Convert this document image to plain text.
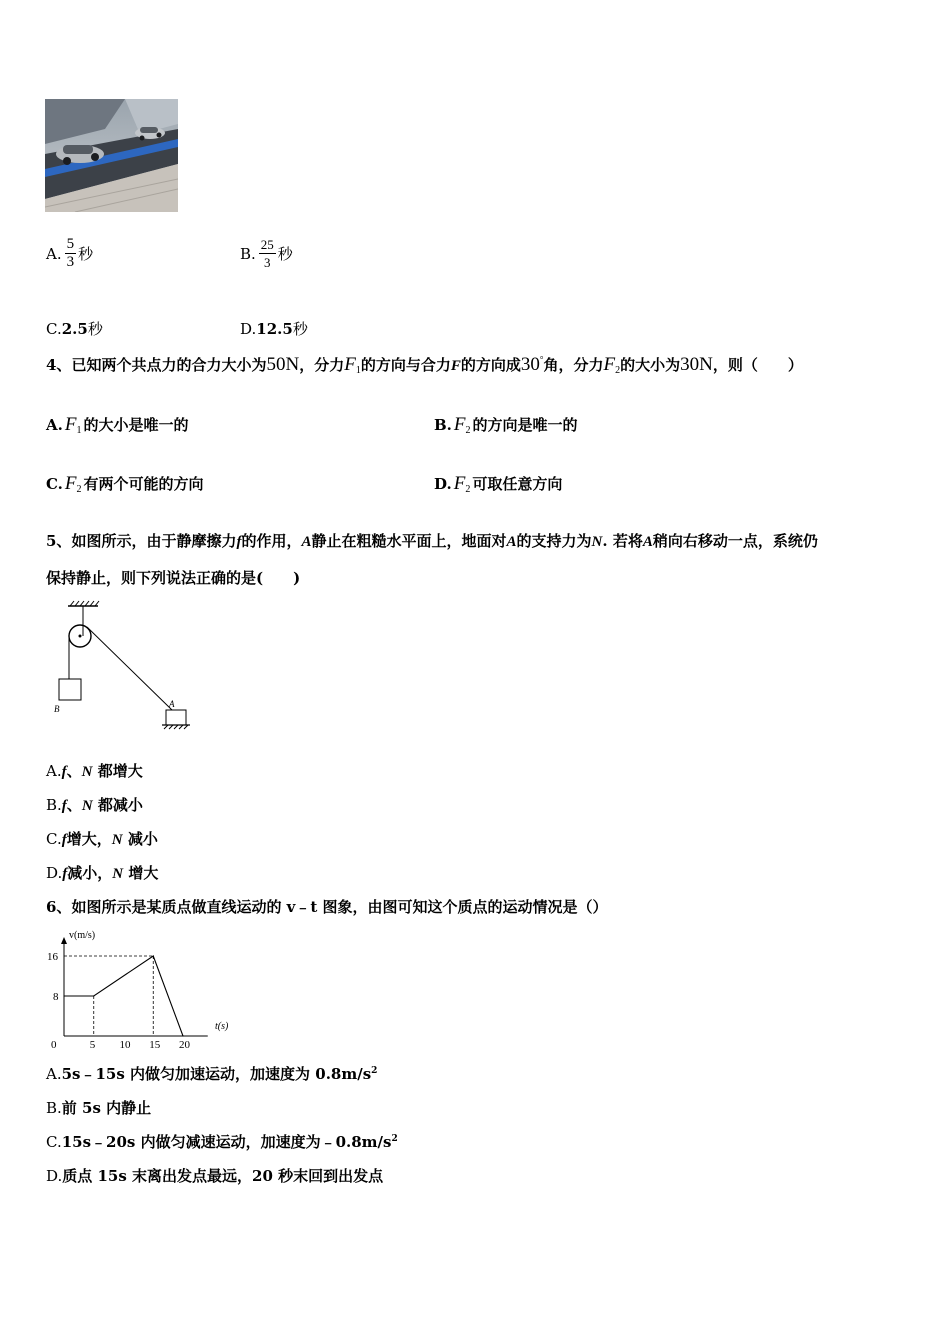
A. $\frac{5}{3}$ 秒	B. $\frac{25}{3}$ 秒
C.2.5秒	D.12.5秒
4、已知两个共点力的合力大小为50N，分力$F_1$的方向与合力F的方向成30°角，分力$F_2$的大小为30N，则（　　）
A. $F_1$ 的大小是唯一的	B. $F_2$ 的方向是唯一的
C. $F_2$ 有两个可能的方向	D. $F_2$ 可取任意方向
5、如图所示，由于静摩擦力f的作用，A静止在粗糙水平面上，地面对A的支持力为N. 若将A稍向右移动一点，系统仍
保持静止，则下列说法正确的是(　　)
B	A
A.f、N 都增大
B.f、N 都减小
C.f增大，N 减小
D.f减小，N 增大
6、如图所示是某质点做直线运动的 v﹣t 图象，由图可知这个质点的运动情况是（）
0	5 10 15 20
8
16
v(m/s)
t(s)
A.5s﹣15s 内做匀加速运动，加速度为 $0.8m/s^2$
B.前 5s 内静止
C.15s﹣20s 内做匀减速运动，加速度为$﹣0.8m/s^2$
D.质点 15s 末离出发点最远，20 秒末回到出发点
